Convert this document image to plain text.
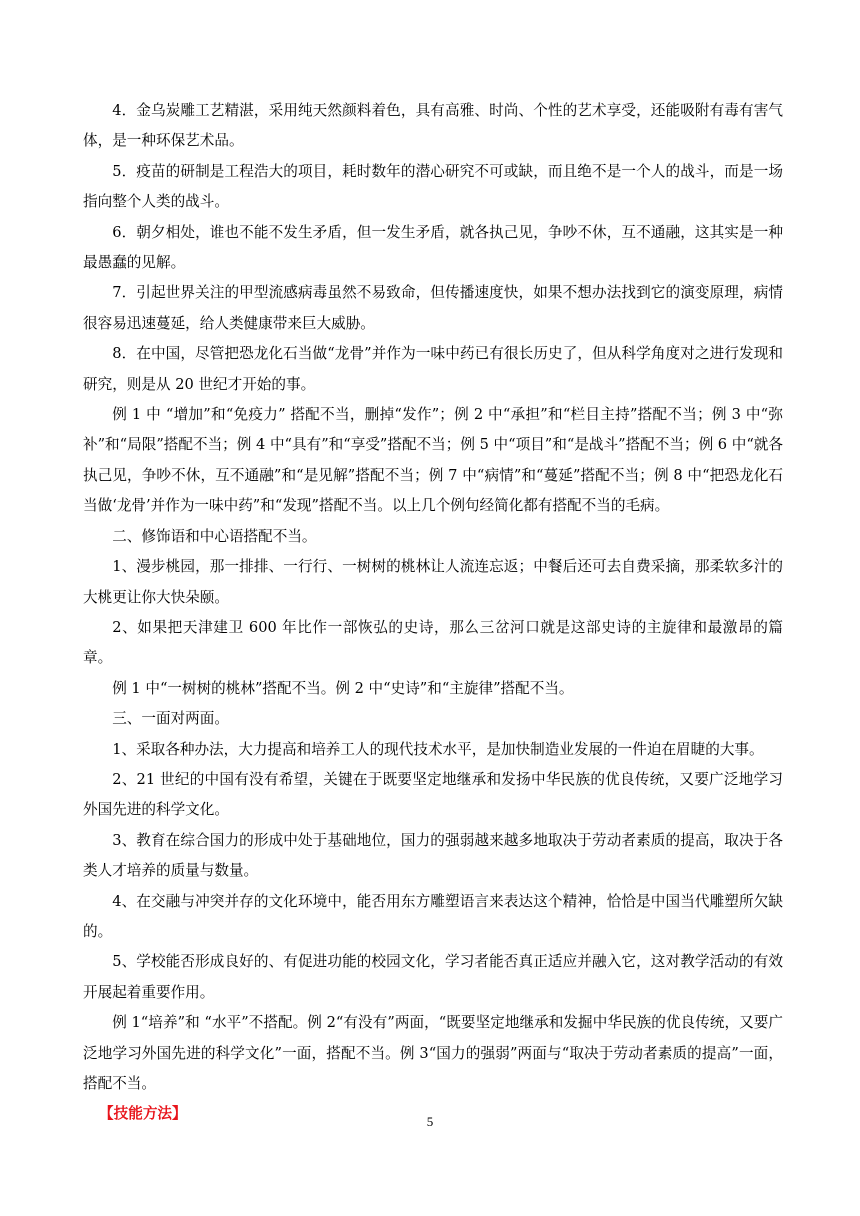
4．金乌炭雕工艺精湛，采用纯天然颜料着色，具有高雅、时尚、个性的艺术享受，还能吸附有毒有害气体，是一种环保艺术品。

5．疫苗的研制是工程浩大的项目，耗时数年的潜心研究不可或缺，而且绝不是一个人的战斗，而是一场指向整个人类的战斗。

6．朝夕相处，谁也不能不发生矛盾，但一发生矛盾，就各执己见，争吵不休，互不通融，这其实是一种最愚蠢的见解。

7．引起世界关注的甲型流感病毒虽然不易致命，但传播速度快，如果不想办法找到它的演变原理，病情很容易迅速蔓延，给人类健康带来巨大威胁。

8．在中国，尽管把恐龙化石当做“龙骨”并作为一味中药已有很长历史了，但从科学角度对之进行发现和研究，则是从 20 世纪才开始的事。

例 1 中 “增加”和“免疫力” 搭配不当，删掉“发作”；例 2 中“承担”和“栏目主持”搭配不当；例 3 中“弥补”和“局限”搭配不当；例 4 中“具有”和“享受”搭配不当；例 5 中“项目”和“是战斗”搭配不当；例 6 中“就各执己见，争吵不休，互不通融”和“是见解”搭配不当；例 7 中“病情”和“蔓延”搭配不当；例 8 中“把恐龙化石当做‘龙骨’并作为一味中药”和“发现”搭配不当。以上几个例句经简化都有搭配不当的毛病。

二、修饰语和中心语搭配不当。

1、漫步桃园，那一排排、一行行、一树树的桃林让人流连忘返；中餐后还可去自费采摘，那柔软多汁的大桃更让你大快朵颐。

2、如果把天津建卫 600 年比作一部恢弘的史诗，那么三岔河口就是这部史诗的主旋律和最激昂的篇章。

例 1 中“一树树的桃林”搭配不当。例 2 中“史诗”和“主旋律”搭配不当。

三、一面对两面。

1、采取各种办法，大力提高和培养工人的现代技术水平，是加快制造业发展的一件迫在眉睫的大事。

2、21 世纪的中国有没有希望，关键在于既要坚定地继承和发扬中华民族的优良传统，又要广泛地学习外国先进的科学文化。

3、教育在综合国力的形成中处于基础地位，国力的强弱越来越多地取决于劳动者素质的提高，取决于各类人才培养的质量与数量。

4、在交融与冲突并存的文化环境中，能否用东方雕塑语言来表达这个精神，恰恰是中国当代雕塑所欠缺的。

5、学校能否形成良好的、有促进功能的校园文化，学习者能否真正适应并融入它，这对教学活动的有效开展起着重要作用。

例 1“培养”和 “水平”不搭配。例 2“有没有”两面，“既要坚定地继承和发掘中华民族的优良传统，又要广泛地学习外国先进的科学文化”一面，搭配不当。例 3“国力的强弱”两面与“取决于劳动者素质的提高”一面，搭配不当。

【技能方法】	5
